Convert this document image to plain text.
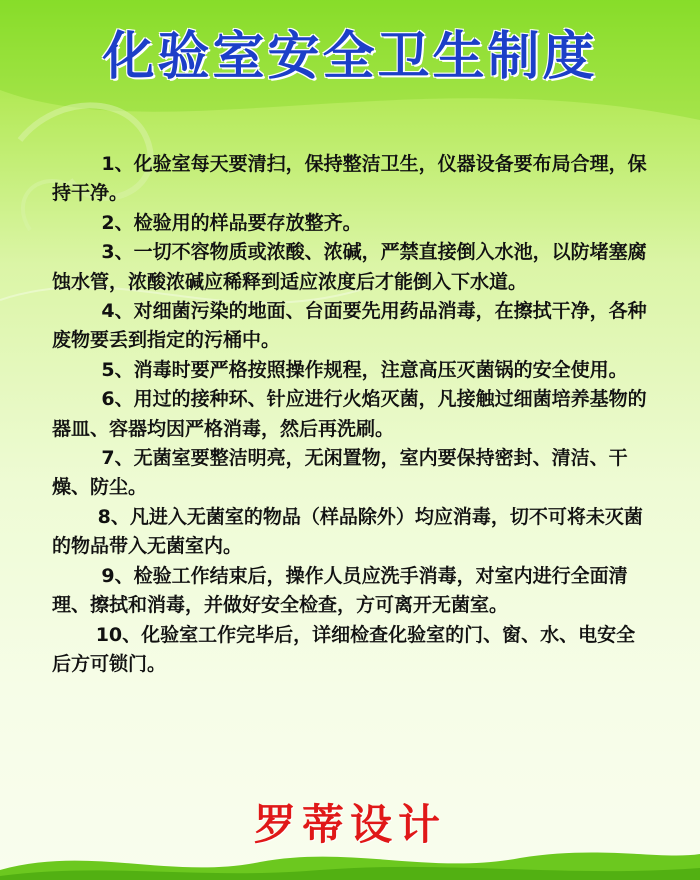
化验室安全卫生制度

1、化验室每天要清扫，保持整洁卫生，仪器设备要布局合理，保持干净。

2、检验用的样品要存放整齐。

3、一切不容物质或浓酸、浓碱，严禁直接倒入水池，以防堵塞腐蚀水管，浓酸浓碱应稀释到适应浓度后才能倒入下水道。

4、对细菌污染的地面、台面要先用药品消毒，在擦拭干净，各种废物要丢到指定的污桶中。

5、消毒时要严格按照操作规程，注意高压灭菌锅的安全使用。

6、用过的接种环、针应进行火焰灭菌，凡接触过细菌培养基物的器皿、容器均因严格消毒，然后再洗刷。

7、无菌室要整洁明亮，无闲置物，室内要保持密封、清洁、干燥、防尘。

8、凡进入无菌室的物品（样品除外）均应消毒，切不可将未灭菌的物品带入无菌室内。

9、检验工作结束后，操作人员应洗手消毒，对室内进行全面清理、擦拭和消毒，并做好安全检查，方可离开无菌室。

10、化验室工作完毕后，详细检查化验室的门、窗、水、电安全后方可锁门。

罗蒂设计
